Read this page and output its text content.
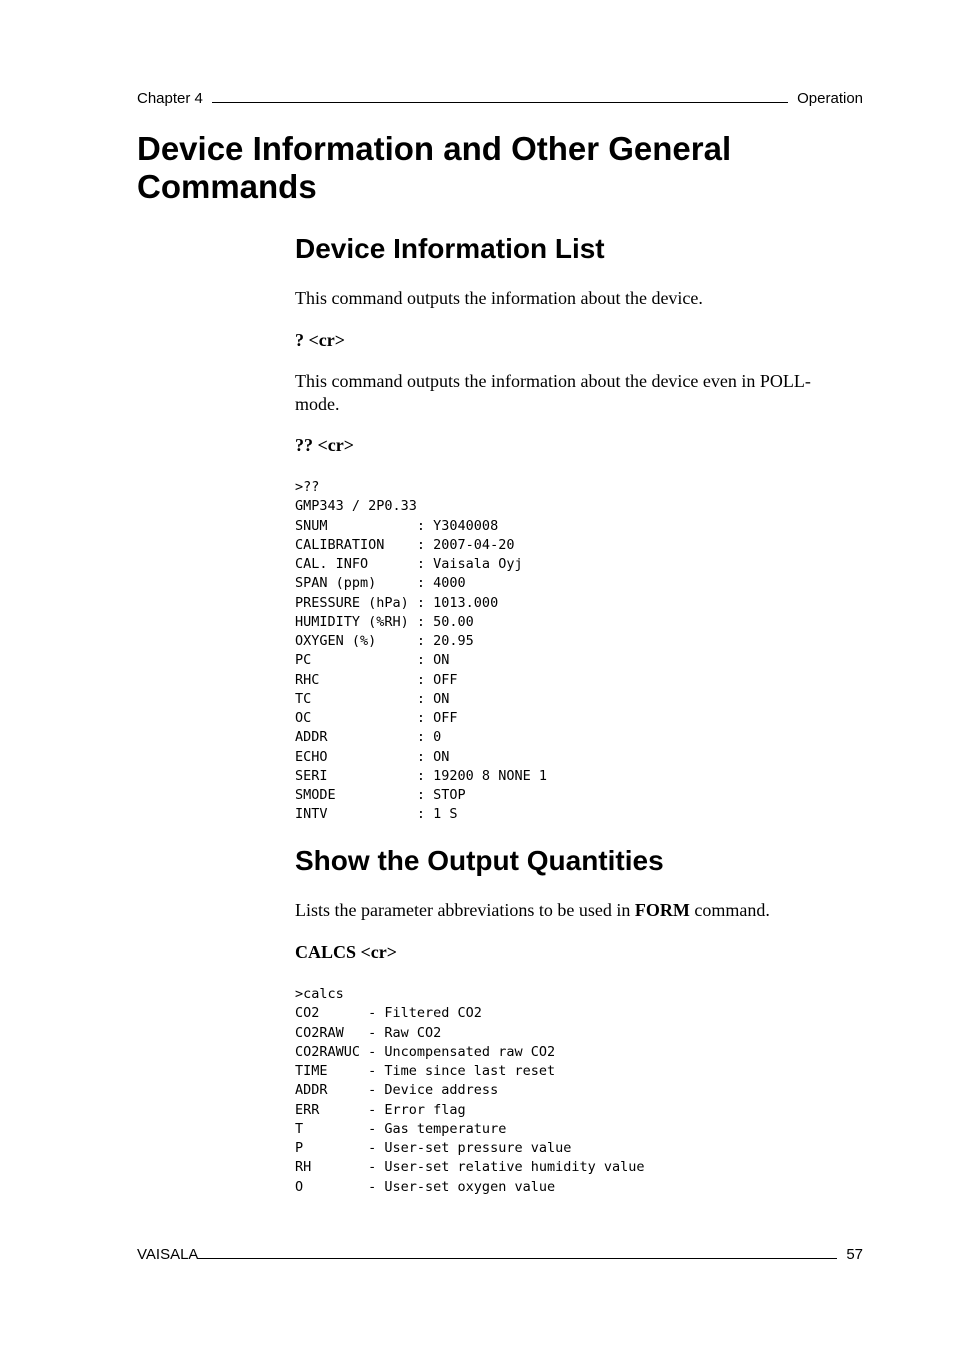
Chapter 4	Operation
Device Information and Other General Commands
Device Information List

This command outputs the information about the device.

? <cr>

This command outputs the information about the device even in POLL-mode.

?? <cr>

>??
GMP343 / 2P0.33
SNUM           : Y3040008
CALIBRATION    : 2007-04-20
CAL. INFO      : Vaisala Oyj
SPAN (ppm)     : 4000
PRESSURE (hPa) : 1013.000
HUMIDITY (%RH) : 50.00
OXYGEN (%)     : 20.95
PC             : ON
RHC            : OFF
TC             : ON
OC             : OFF
ADDR           : 0
ECHO           : ON
SERI           : 19200 8 NONE 1
SMODE          : STOP
INTV           : 1 S
Show the Output Quantities

Lists the parameter abbreviations to be used in FORM command.

CALCS <cr>

>calcs
CO2      - Filtered CO2
CO2RAW   - Raw CO2
CO2RAWUC - Uncompensated raw CO2
TIME     - Time since last reset
ADDR     - Device address
ERR      - Error flag
T        - Gas temperature
P        - User-set pressure value
RH       - User-set relative humidity value
O        - User-set oxygen value
VAISALA	57
